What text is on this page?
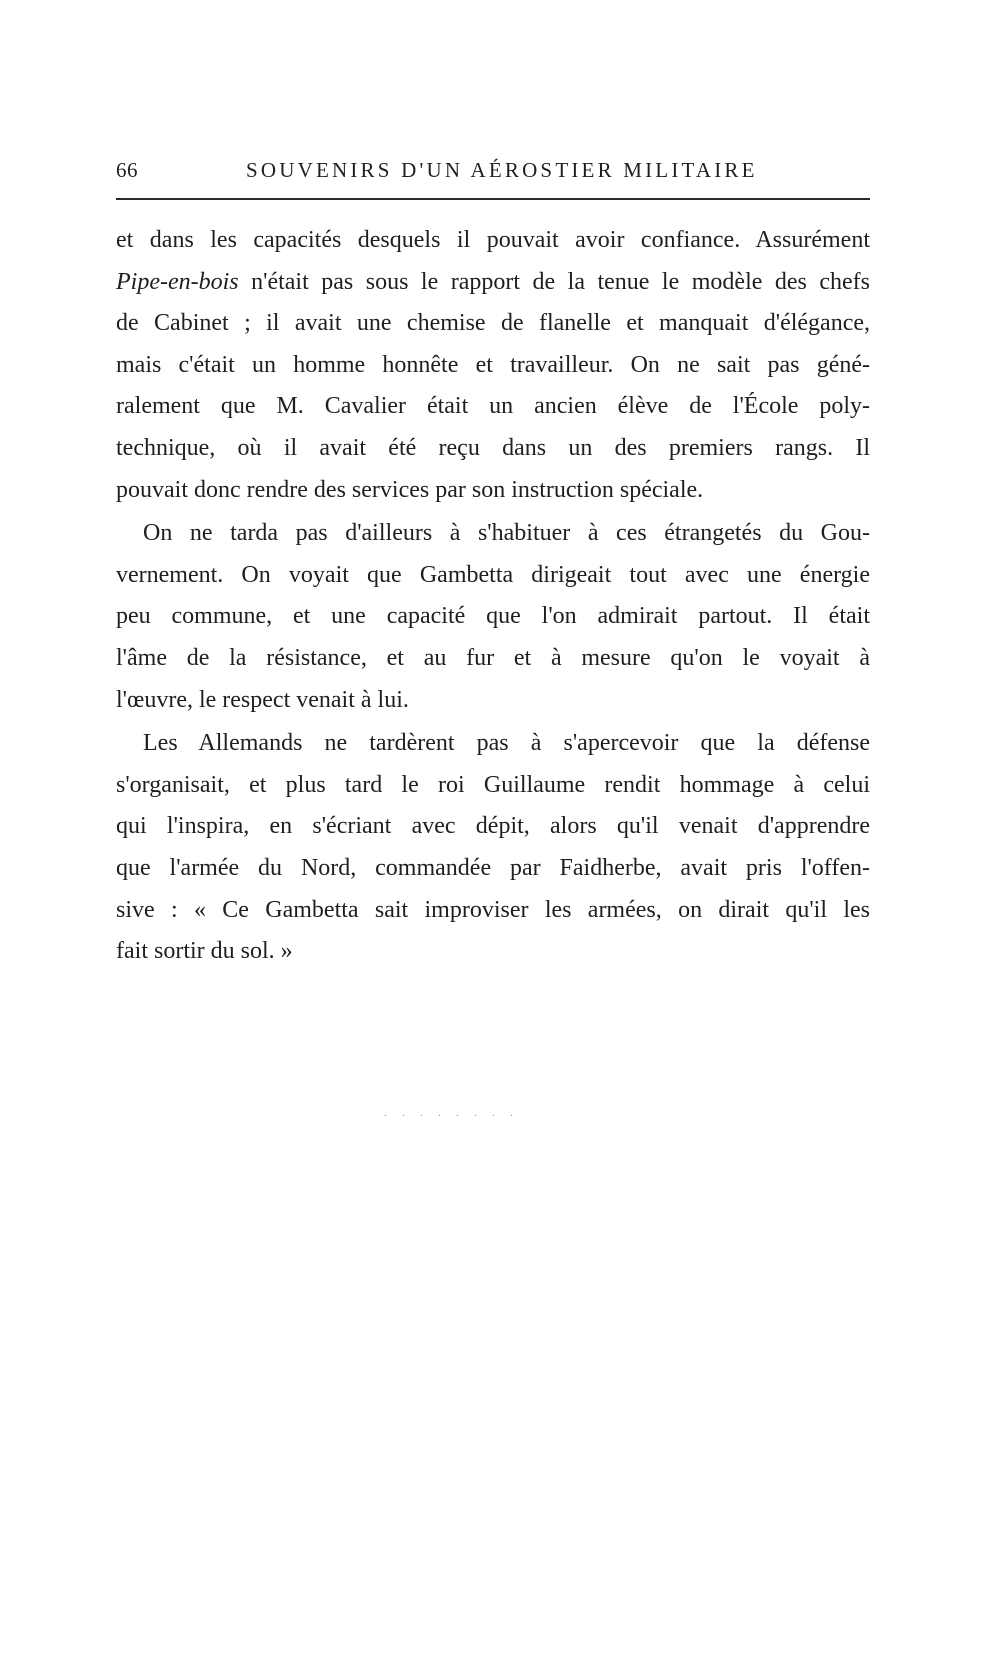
66	SOUVENIRS D'UN AÉROSTIER MILITAIRE
et dans les capacités desquels il pouvait avoir confiance. Assurément
Pipe-en-bois n'était pas sous le rapport de la tenue le modèle des chefs
de Cabinet ; il avait une chemise de flanelle et manquait d'élégance,
mais c'était un homme honnête et travailleur. On ne sait pas géné-
ralement que M. Cavalier était un ancien élève de l'École poly-
technique, où il avait été reçu dans un des premiers rangs. Il
pouvait donc rendre des services par son instruction spéciale.
On ne tarda pas d'ailleurs à s'habituer à ces étrangetés du Gou-
vernement. On voyait que Gambetta dirigeait tout avec une énergie
peu commune, et une capacité que l'on admirait partout. Il était
l'âme de la résistance, et au fur et à mesure qu'on le voyait à
l'œuvre, le respect venait à lui.
Les Allemands ne tardèrent pas à s'apercevoir que la défense
s'organisait, et plus tard le roi Guillaume rendit hommage à celui
qui l'inspira, en s'écriant avec dépit, alors qu'il venait d'apprendre
que l'armée du Nord, commandée par Faidherbe, avait pris l'offen-
sive : « Ce Gambetta sait improviser les armées, on dirait qu'il les
fait sortir du sol. »
. . . . . . . .
